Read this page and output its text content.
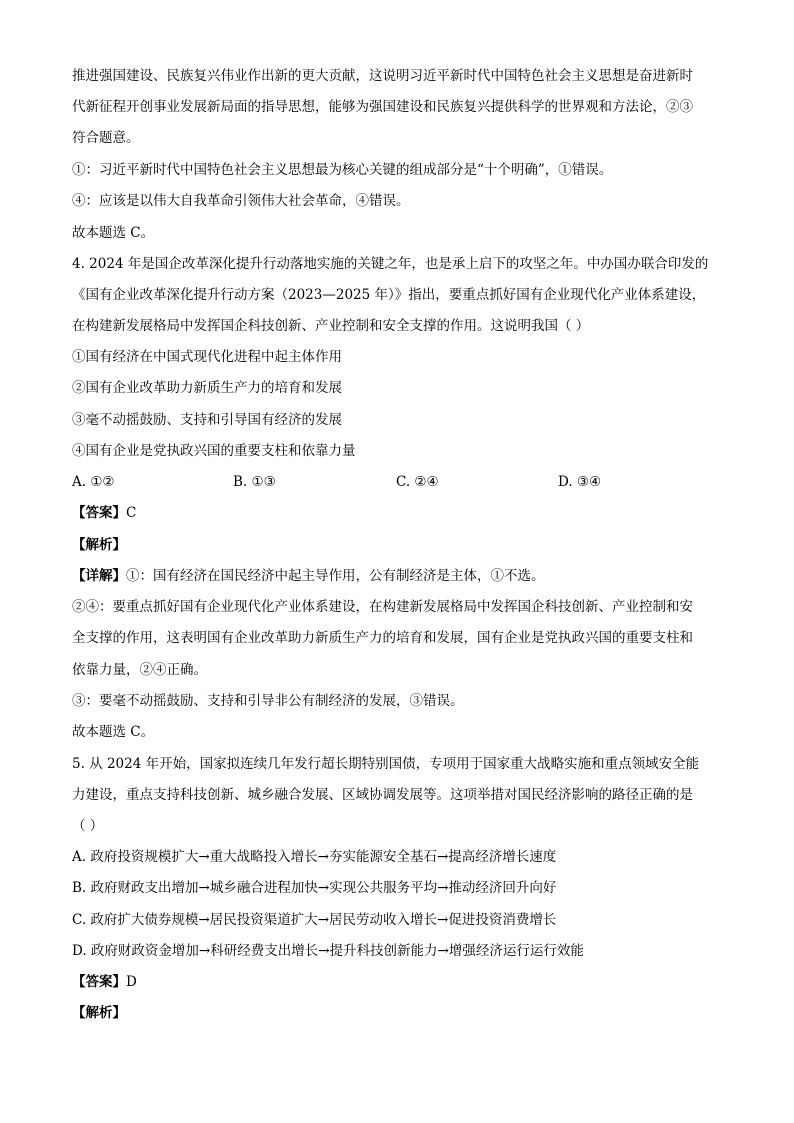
推进强国建设、民族复兴伟业作出新的更大贡献，这说明习近平新时代中国特色社会主义思想是奋进新时
代新征程开创事业发展新局面的指导思想，能够为强国建设和民族复兴提供科学的世界观和方法论，②③
符合题意。
①：习近平新时代中国特色社会主义思想最为核心关键的组成部分是“十个明确”，①错误。
④：应该是以伟大自我革命引领伟大社会革命，④错误。
故本题选 C。
4. 2024 年是国企改革深化提升行动落地实施的关键之年，也是承上启下的攻坚之年。中办国办联合印发的
《国有企业改革深化提升行动方案（2023—2025 年）》指出，要重点抓好国有企业现代化产业体系建设，
在构建新发展格局中发挥国企科技创新、产业控制和安全支撑的作用。这说明我国（ ）
①国有经济在中国式现代化进程中起主体作用
②国有企业改革助力新质生产力的培育和发展
③毫不动摇鼓励、支持和引导国有经济的发展
④国有企业是党执政兴国的重要支柱和依靠力量
A. ①②	B. ①③	C. ②④	D. ③④
【答案】C
【解析】
【详解】①：国有经济在国民经济中起主导作用，公有制经济是主体，①不选。
②④：要重点抓好国有企业现代化产业体系建设，在构建新发展格局中发挥国企科技创新、产业控制和安
全支撑的作用，这表明国有企业改革助力新质生产力的培育和发展，国有企业是党执政兴国的重要支柱和
依靠力量，②④正确。
③：要毫不动摇鼓励、支持和引导非公有制经济的发展，③错误。
故本题选 C。
5. 从 2024 年开始，国家拟连续几年发行超长期特别国债，专项用于国家重大战略实施和重点领域安全能
力建设，重点支持科技创新、城乡融合发展、区域协调发展等。这项举措对国民经济影响的路径正确的是
（ ）
A. 政府投资规模扩大→重大战略投入增长→夯实能源安全基石→提高经济增长速度
B. 政府财政支出增加→城乡融合进程加快→实现公共服务平均→推动经济回升向好
C. 政府扩大债券规模→居民投资渠道扩大→居民劳动收入增长→促进投资消费增长
D. 政府财政资金增加→科研经费支出增长→提升科技创新能力→增强经济运行运行效能
【答案】D
【解析】
